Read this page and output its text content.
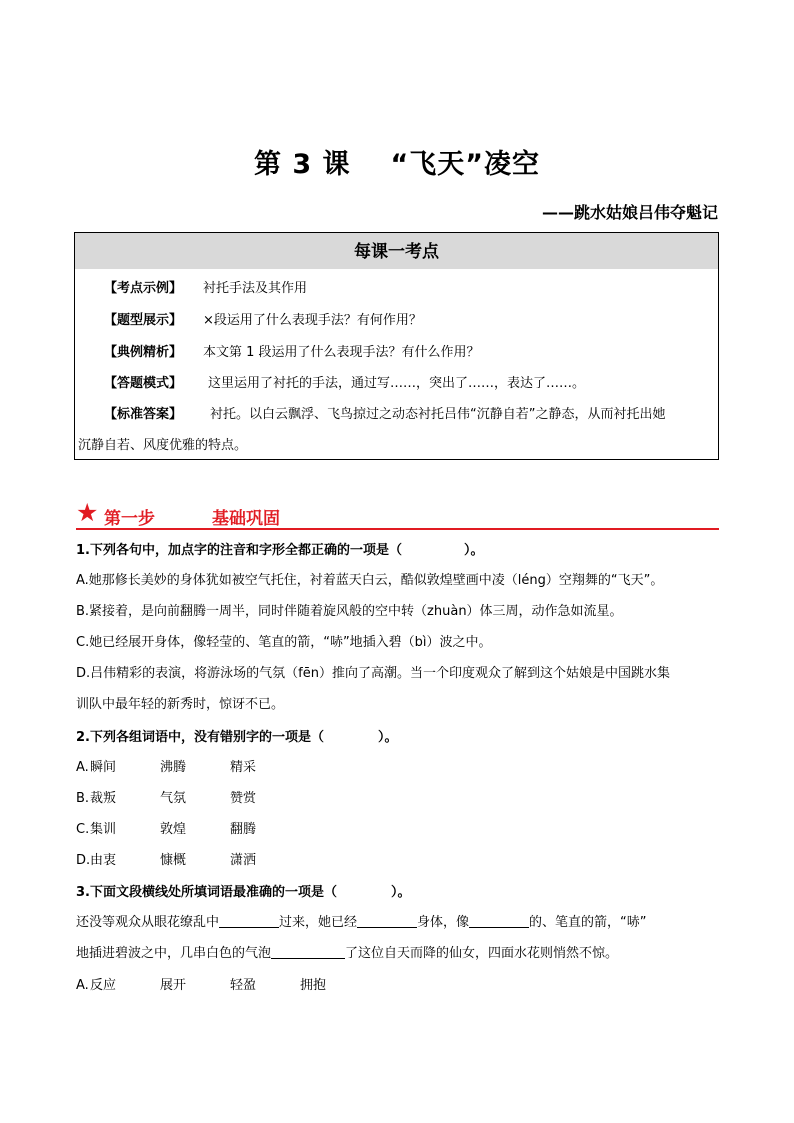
第 3 课 “飞天”凌空
——跳水姑娘吕伟夺魁记
每课一考点
【考点示例】 衬托手法及其作用
【题型展示】 ×段运用了什么表现手法？有何作用？
【典例精析】 本文第 1 段运用了什么表现手法？有什么作用？
【答题模式】 这里运用了衬托的手法，通过写……，突出了……，表达了……。
【标准答案】 衬托。以白云飘浮、飞鸟掠过之动态衬托吕伟“沉静自若”之静态，从而衬托出她
沉静自若、风度优雅的特点。
★ 第一步	基础巩固
1.下列各句中，加点字的注音和字形全都正确的一项是（	）。
A.她那修长美妙的身体犹如被空气托住，衬着蓝天白云，酷似敦煌壁画中凌（léng）空翔舞的“飞天”。
B.紧接着，是向前翻腾一周半，同时伴随着旋风般的空中转（zhuàn）体三周，动作急如流星。
C.她已经展开身体，像轻莹的、笔直的箭，“哧”地插入碧（bì）波之中。
D.吕伟精彩的表演，将游泳场的气氛（fēn）推向了高潮。当一个印度观众了解到这个姑娘是中国跳水集
训队中最年轻的新秀时，惊讶不已。
2.下列各组词语中，没有错别字的一项是（	）。
A. 瞬间	沸腾	精采
B. 裁叛	气氛	赞赏
C. 集训	敦煌	翻腾
D. 由衷	慷概	潇洒
3.下面文段横线处所填词语最准确的一项是（	）。
还没等观众从眼花缭乱中	过来，她已经	身体，像	的、笔直的箭，“哧”
地插进碧波之中，几串白色的气泡	了这位自天而降的仙女，四面水花则悄然不惊。
A. 反应	展开	轻盈	拥抱
